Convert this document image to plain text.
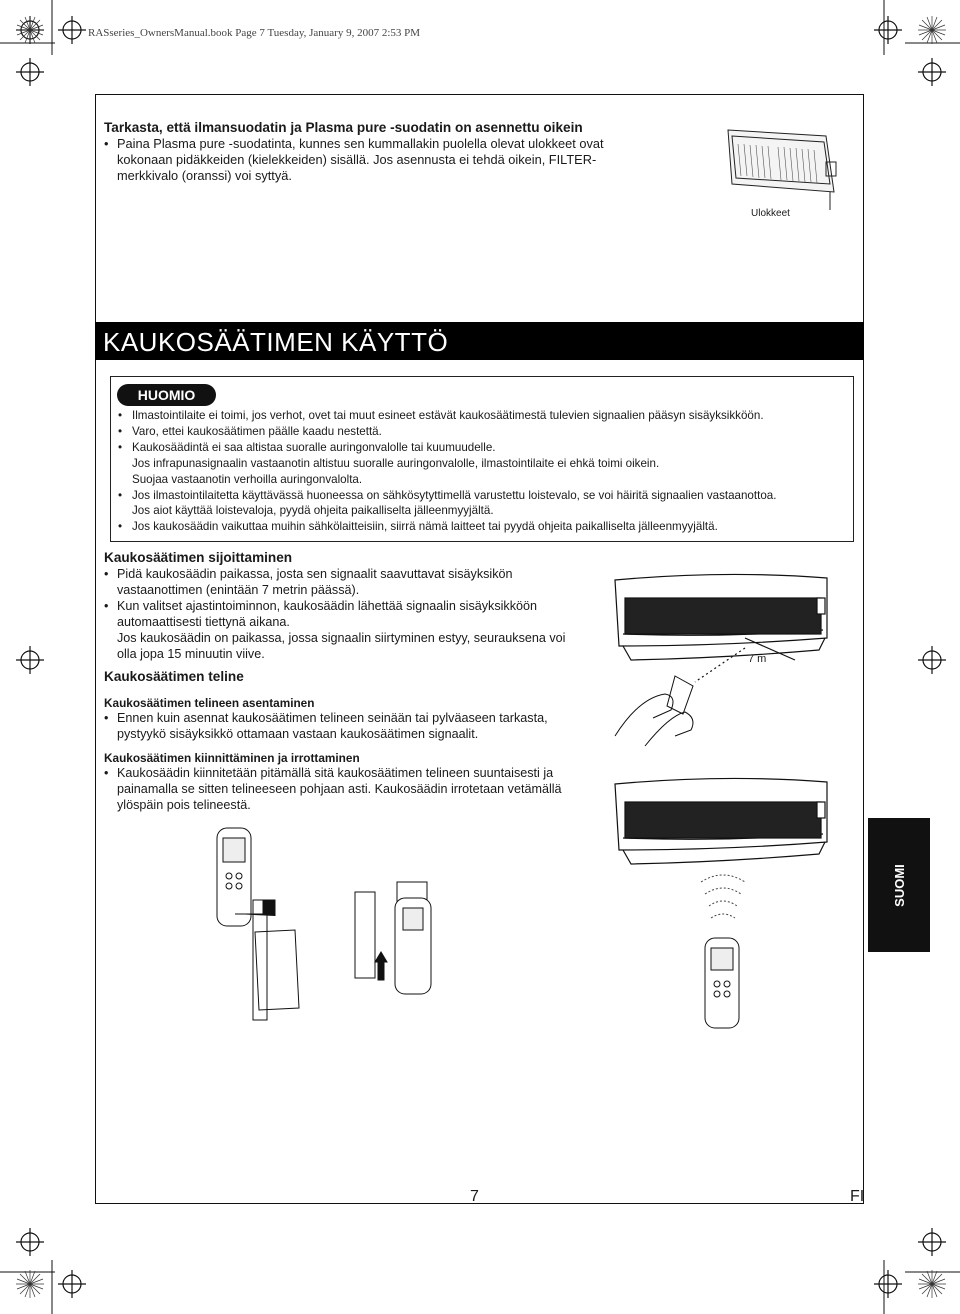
RASseries_OwnersManual.book Page 7 Tuesday, January 9, 2007 2:53 PM
Tarkasta, että ilmansuodatin ja Plasma pure -suodatin on asennettu oikein
• Paina Plasma pure -suodatinta, kunnes sen kummallakin puolella olevat ulokkeet ovat kokonaan pidäkkeiden (kielekkeiden) sisällä. Jos asennusta ei tehdä oikein, FILTER-merkkivalo (oranssi) voi syttyä.
Ulokkeet
KAUKOSÄÄTIMEN KÄYTTÖ
HUOMIO
• Ilmastointilaite ei toimi, jos verhot, ovet tai muut esineet estävät kaukosäätimestä tulevien signaalien pääsyn sisäyksikköön.
• Varo, ettei kaukosäätimen päälle kaadu nestettä.
• Kaukosäädintä ei saa altistaa suoralle auringonvalolle tai kuumuudelle.
Jos infrapunasignaalin vastaanotin altistuu suoralle auringonvalolle, ilmastointilaite ei ehkä toimi oikein.
Suojaa vastaanotin verhoilla auringonvalolta.
• Jos ilmastointilaitetta käyttävässä huoneessa on sähkösytyttimellä varustettu loistevalo, se voi häiritä signaalien vastaanottoa.
Jos aiot käyttää loistevaloja, pyydä ohjeita paikalliselta jälleenmyyjältä.
• Jos kaukosäädin vaikuttaa muihin sähkölaitteisiin, siirrä nämä laitteet tai pyydä ohjeita paikalliselta jälleenmyyjältä.
Kaukosäätimen sijoittaminen
• Pidä kaukosäädin paikassa, josta sen signaalit saavuttavat sisäyksikön vastaanottimen (enintään 7 metrin päässä).
• Kun valitset ajastintoiminnon, kaukosäädin lähettää signaalin sisäyksikköön automaattisesti tiettynä aikana.
Jos kaukosäädin on paikassa, jossa signaalin siirtyminen estyy, seurauksena voi olla jopa 15 minuutin viive.	7 m
Kaukosäätimen teline
Kaukosäätimen telineen asentaminen
• Ennen kuin asennat kaukosäätimen telineen seinään tai pylväaseen tarkasta, pystyykö sisäyksikkö ottamaan vastaan kaukosäätimen signaalit.
Kaukosäätimen kiinnittäminen ja irrottaminen
• Kaukosäädin kiinnitetään pitämällä sitä kaukosäätimen telineen suuntaisesti ja painamalla se sitten telineeseen pohjaan asti. Kaukosäädin irrotetaan vetämällä ylöspäin pois telineestä.
SUOMI
7	FI
